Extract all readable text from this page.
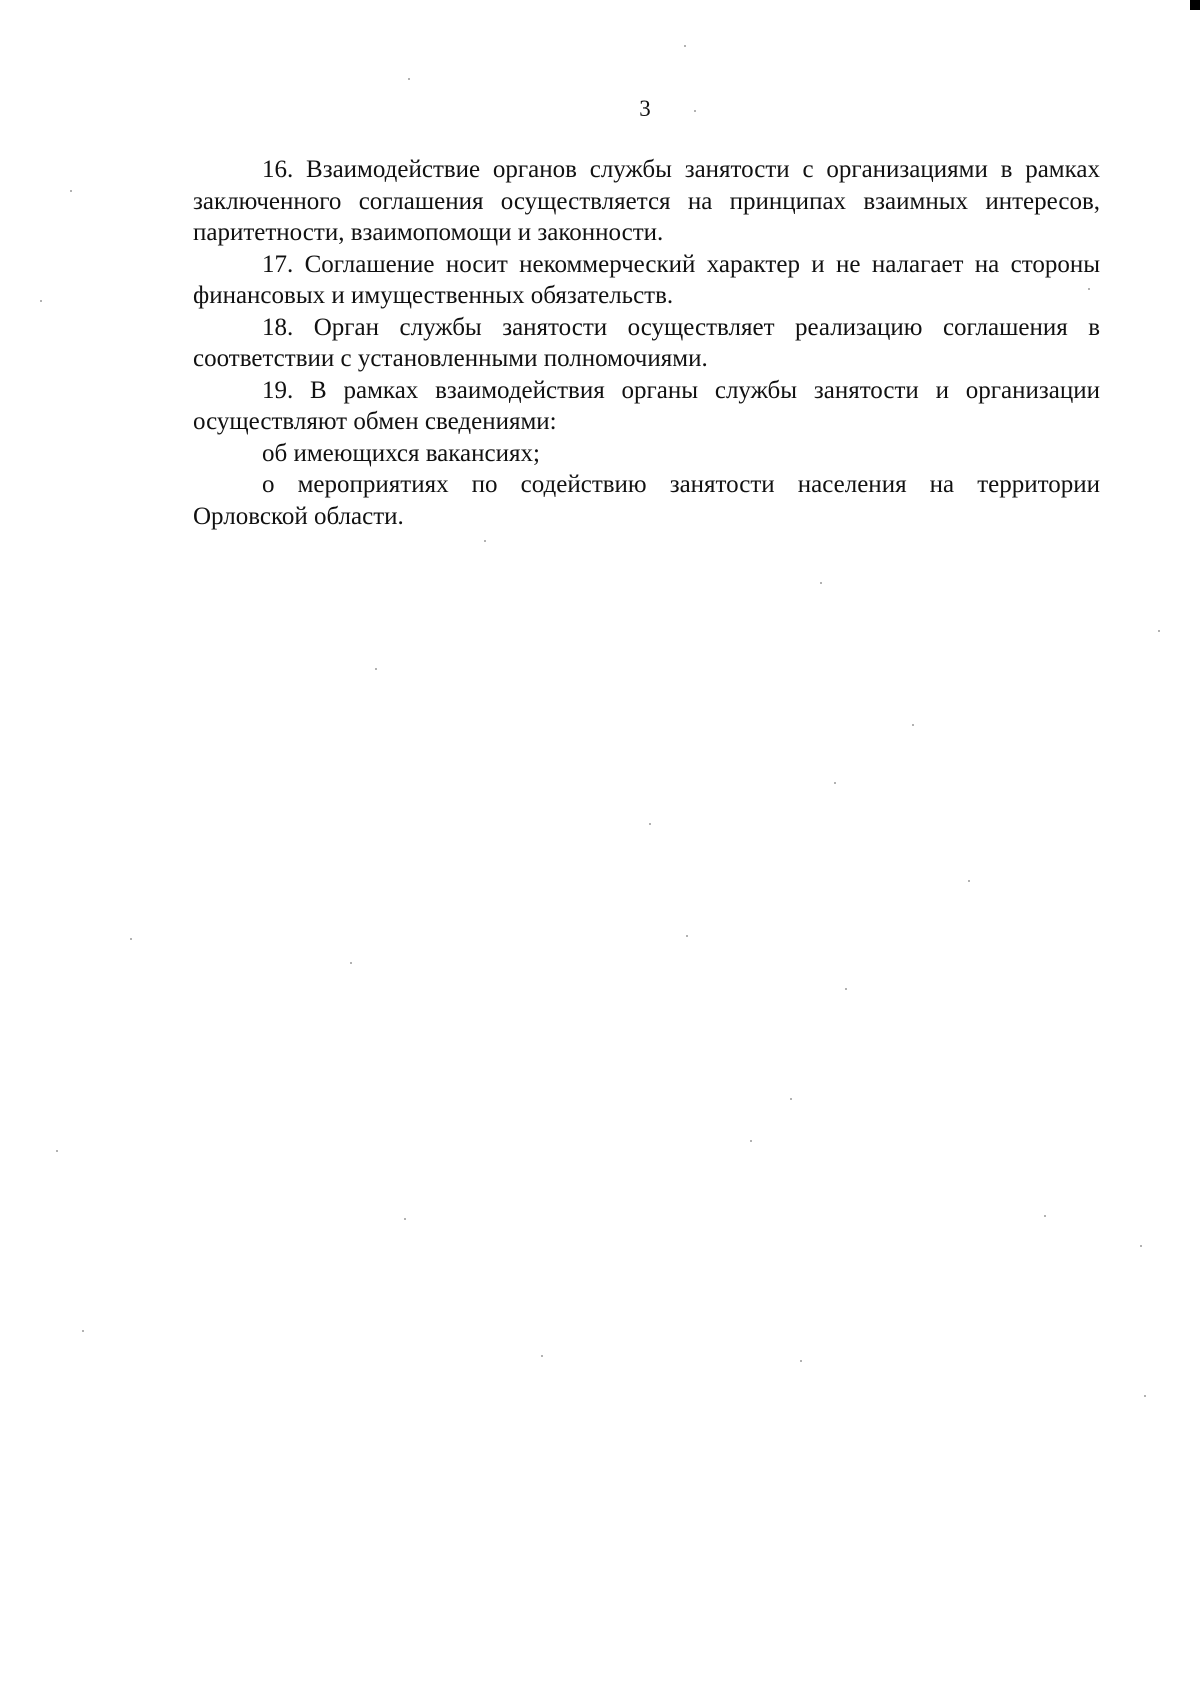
3

16. Взаимодействие органов службы занятости с организациями в рамках заключенного соглашения осуществляется на принципах взаимных интересов, паритетности, взаимопомощи и законности.

17. Соглашение носит некоммерческий характер и не налагает на стороны финансовых и имущественных обязательств.

18. Орган службы занятости осуществляет реализацию соглашения в соответствии с установленными полномочиями.

19. В рамках взаимодействия органы службы занятости и организации осуществляют обмен сведениями:

об имеющихся вакансиях;

о мероприятиях по содействию занятости населения на территории Орловской области.
